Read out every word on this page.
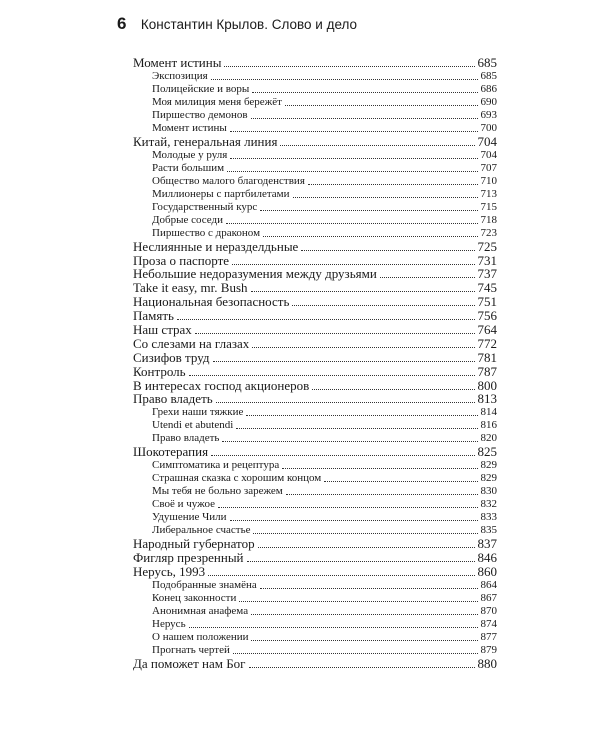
6 Константин Крылов. Слово и дело
Момент истины	685
Экспозиция	685
Полицейские и воры	686
Моя милиция меня бережёт	690
Пиршество демонов	693
Момент истины	700
Китай, генеральная линия	704
Молодые у руля	704
Расти большим	707
Общество малого благоденствия	710
Миллионеры с партбилетами	713
Государственный курс	715
Добрые соседи	718
Пиршество с драконом	723
Неслиянные и неразделдьные	725
Проза о паспорте	731
Небольшие недоразумения между друзьями	737
Take it easy, mr. Bush	745
Национальная безопасность	751
Память	756
Наш страх	764
Со слезами на глазах	772
Сизифов труд	781
Контроль	787
В интересах господ акционеров	800
Право владеть	813
Грехи наши тяжкие	814
Utendi et abutendi	816
Право владеть	820
Шокотерапия	825
Симптоматика и рецептура	829
Страшная сказка с хорошим концом	829
Мы тебя не больно зарежем	830
Своё и чужое	832
Удушение Чили	833
Либеральное счастье	835
Народный губернатор	837
Фигляр презренный	846
Нерусь, 1993	860
Подобранные знамёна	864
Конец законности	867
Анонимная анафема	870
Нерусь	874
О нашем положении	877
Прогнать чертей	879
Да поможет нам Бог	880
